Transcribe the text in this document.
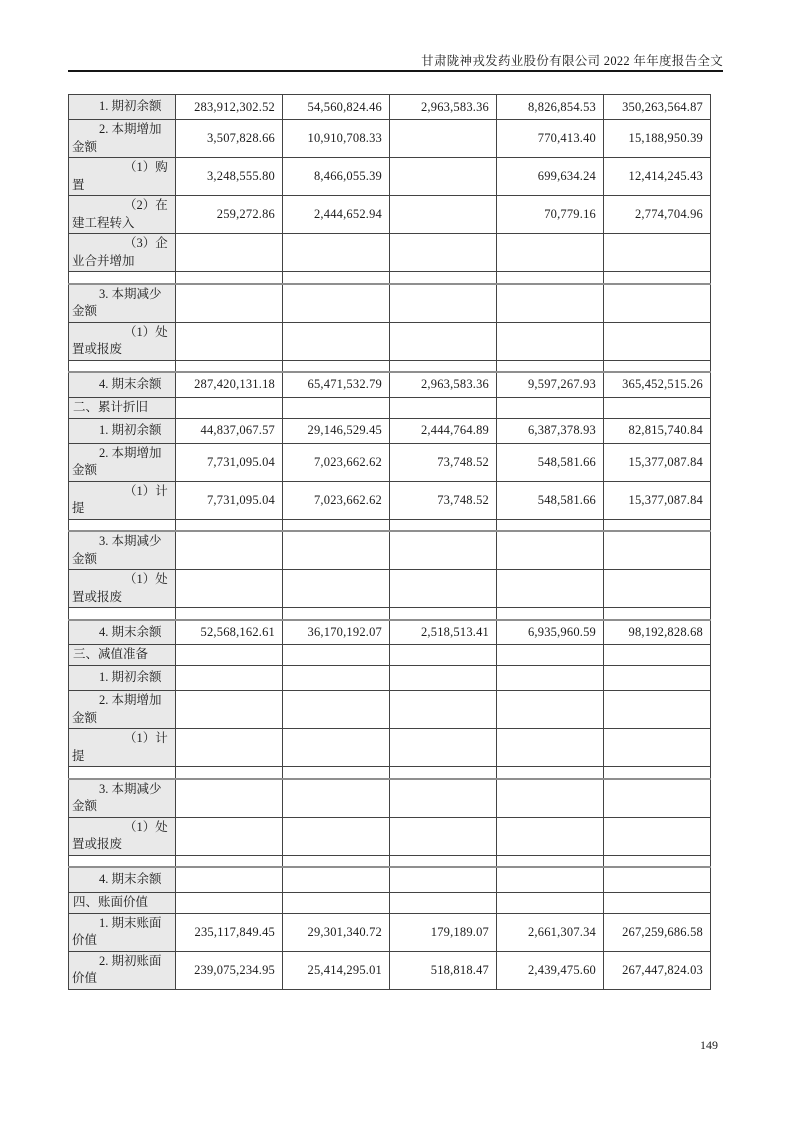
甘肃陇神戎发药业股份有限公司 2022 年年度报告全文
1. 期初余额	283,912,302.52	54,560,824.46	2,963,583.36	8,826,854.53	350,263,564.87
2. 本期增加金额	3,507,828.66	10,910,708.33		770,413.40	15,188,950.39
（1）购置	3,248,555.80	8,466,055.39		699,634.24	12,414,245.43
（2）在建工程转入	259,272.86	2,444,652.94		70,779.16	2,774,704.96
（3）企业合并增加					

3. 本期减少金额					
（1）处置或报废					

4. 期末余额	287,420,131.18	65,471,532.79	2,963,583.36	9,597,267.93	365,452,515.26
二、累计折旧					
1. 期初余额	44,837,067.57	29,146,529.45	2,444,764.89	6,387,378.93	82,815,740.84
2. 本期增加金额	7,731,095.04	7,023,662.62	73,748.52	548,581.66	15,377,087.84
（1）计提	7,731,095.04	7,023,662.62	73,748.52	548,581.66	15,377,087.84

3. 本期减少金额					
（1）处置或报废					

4. 期末余额	52,568,162.61	36,170,192.07	2,518,513.41	6,935,960.59	98,192,828.68
三、减值准备					
1. 期初余额					
2. 本期增加金额					
（1）计提					

3. 本期减少金额					
（1）处置或报废					

4. 期末余额					
四、账面价值					
1. 期末账面价值	235,117,849.45	29,301,340.72	179,189.07	2,661,307.34	267,259,686.58
2. 期初账面价值	239,075,234.95	25,414,295.01	518,818.47	2,439,475.60	267,447,824.03
149
